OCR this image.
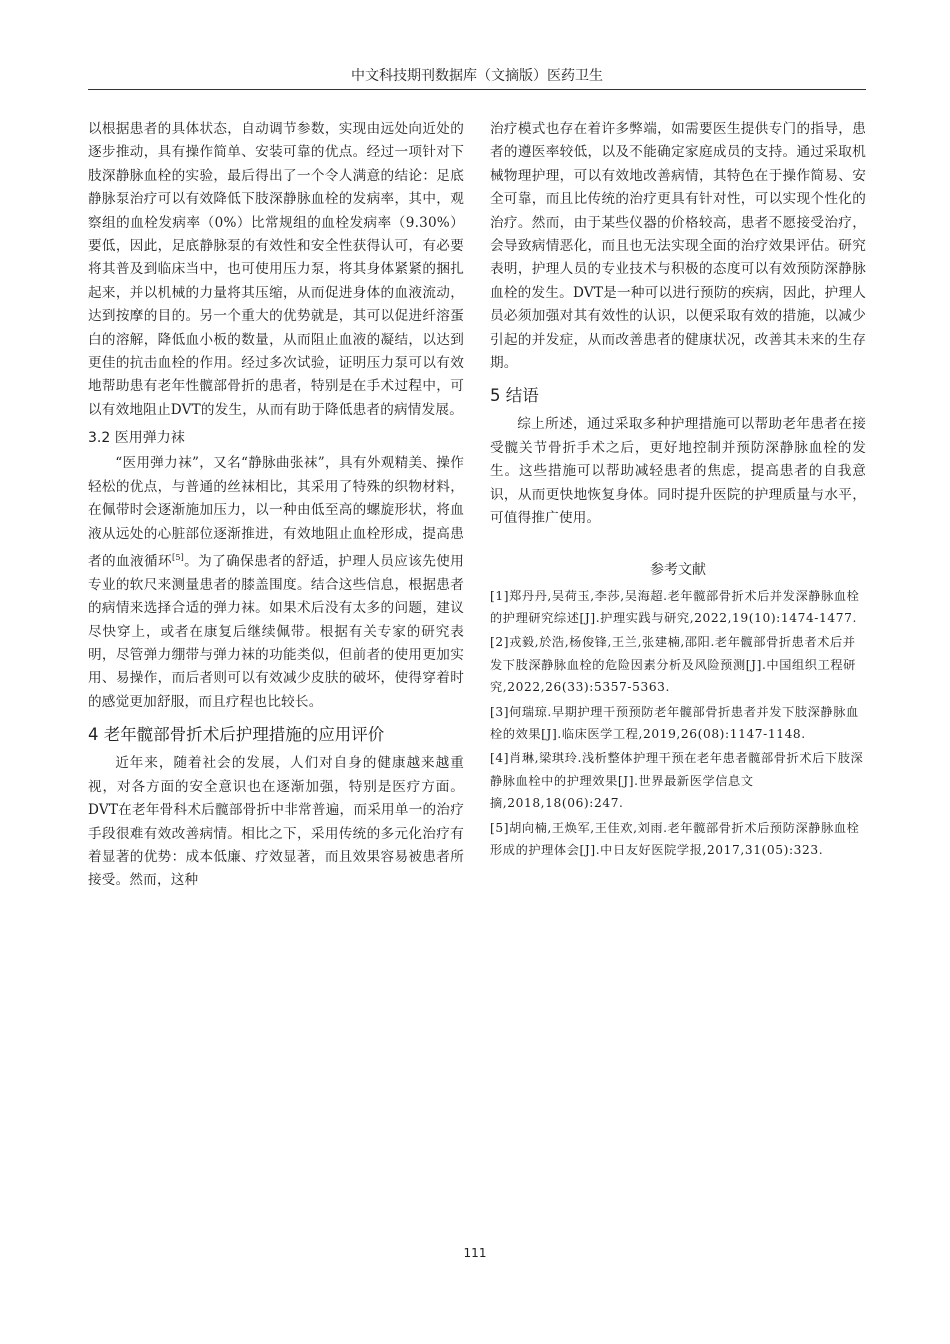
中文科技期刊数据库（文摘版）医药卫生

以根据患者的具体状态，自动调节参数，实现由远处向近处的逐步推动，具有操作简单、安装可靠的优点。经过一项针对下肢深静脉血栓的实验，最后得出了一个令人满意的结论：足底静脉泵治疗可以有效降低下肢深静脉血栓的发病率，其中，观察组的血栓发病率（0%）比常规组的血栓发病率（9.30%）要低，因此，足底静脉泵的有效性和安全性获得认可，有必要将其普及到临床当中，也可使用压力泵，将其身体紧紧的捆扎起来，并以机械的力量将其压缩，从而促进身体的血液流动，达到按摩的目的。另一个重大的优势就是，其可以促进纤溶蛋白的溶解，降低血小板的数量，从而阻止血液的凝结，以达到更佳的抗击血栓的作用。经过多次试验，证明压力泵可以有效地帮助患有老年性髋部骨折的患者，特别是在手术过程中，可以有效地阻止DVT的发生，从而有助于降低患者的病情发展。

3.2 医用弹力袜

“医用弹力袜”，又名“静脉曲张袜”，具有外观精美、操作轻松的优点，与普通的丝袜相比，其采用了特殊的织物材料，在佩带时会逐渐施加压力，以一种由低至高的螺旋形状，将血液从远处的心脏部位逐渐推进，有效地阻止血栓形成，提高患者的血液循环[5]。为了确保患者的舒适，护理人员应该先使用专业的软尺来测量患者的膝盖围度。结合这些信息，根据患者的病情来选择合适的弹力袜。如果术后没有太多的问题，建议尽快穿上，或者在康复后继续佩带。根据有关专家的研究表明，尽管弹力绷带与弹力袜的功能类似，但前者的使用更加实用、易操作，而后者则可以有效减少皮肤的破坏，使得穿着时的感觉更加舒服，而且疗程也比较长。

4 老年髋部骨折术后护理措施的应用评价

近年来，随着社会的发展，人们对自身的健康越来越重视，对各方面的安全意识也在逐渐加强，特别是医疗方面。DVT在老年骨科术后髋部骨折中非常普遍，而采用单一的治疗手段很难有效改善病情。相比之下，采用传统的多元化治疗有着显著的优势：成本低廉、疗效显著，而且效果容易被患者所接受。然而，这种

治疗模式也存在着许多弊端，如需要医生提供专门的指导，患者的遵医率较低，以及不能确定家庭成员的支持。通过采取机械物理护理，可以有效地改善病情，其特色在于操作简易、安全可靠，而且比传统的治疗更具有针对性，可以实现个性化的治疗。然而，由于某些仪器的价格较高，患者不愿接受治疗，会导致病情恶化，而且也无法实现全面的治疗效果评估。研究表明，护理人员的专业技术与积极的态度可以有效预防深静脉血栓的发生。DVT是一种可以进行预防的疾病，因此，护理人员必须加强对其有效性的认识，以便采取有效的措施，以减少引起的并发症，从而改善患者的健康状况，改善其未来的生存期。

5 结语

综上所述，通过采取多种护理措施可以帮助老年患者在接受髋关节骨折手术之后，更好地控制并预防深静脉血栓的发生。这些措施可以帮助减轻患者的焦虑，提高患者的自我意识，从而更快地恢复身体。同时提升医院的护理质量与水平，可值得推广使用。

参考文献

[1]郑丹丹,吴荷玉,李莎,吴海超.老年髋部骨折术后并发深静脉血栓的护理研究综述[J].护理实践与研究,2022,19(10):1474-1477.

[2]戎毅,於浩,杨俊锋,王兰,张建楠,邵阳.老年髋部骨折患者术后并发下肢深静脉血栓的危险因素分析及风险预测[J].中国组织工程研究,2022,26(33):5357-5363.

[3]何瑞琼.早期护理干预预防老年髋部骨折患者并发下肢深静脉血栓的效果[J].临床医学工程,2019,26(08):1147-1148.

[4]肖琳,梁琪玲.浅析整体护理干预在老年患者髋部骨折术后下肢深静脉血栓中的护理效果[J].世界最新医学信息文摘,2018,18(06):247.

[5]胡向楠,王焕军,王佳欢,刘雨.老年髋部骨折术后预防深静脉血栓形成的护理体会[J].中日友好医院学报,2017,31(05):323.

111
